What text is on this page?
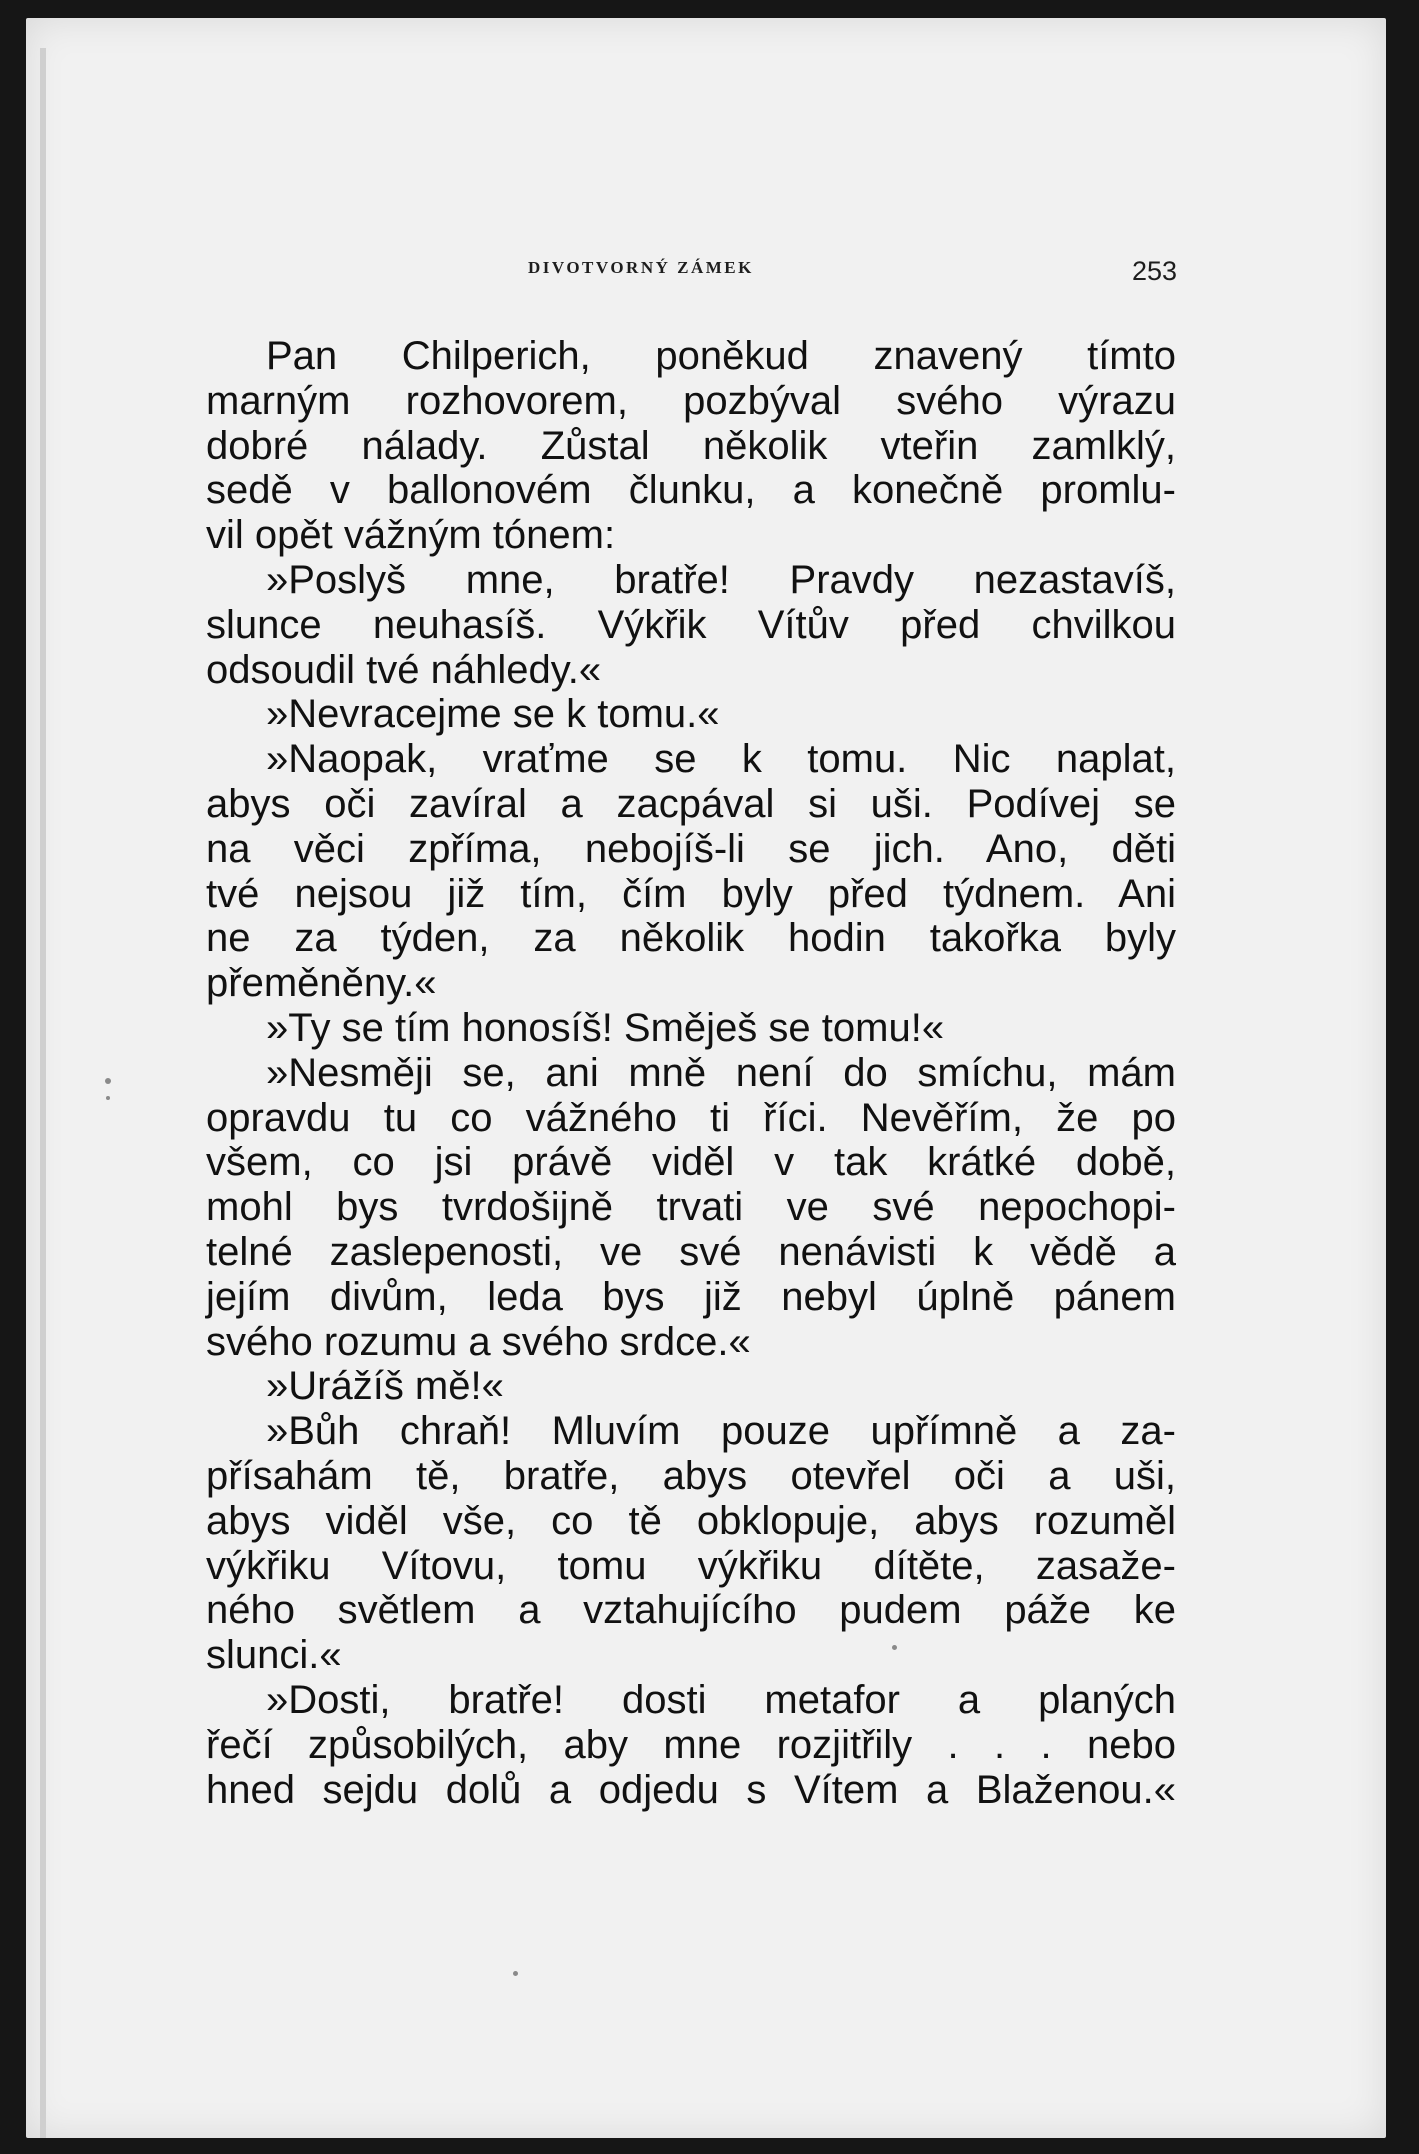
DIVOTVORNÝ ZÁMEK	253
Pan Chilperich, poněkud znavený tímto
marným rozhovorem, pozbýval svého výrazu
dobré nálady. Zůstal několik vteřin zamlklý,
sedě v ballonovém člunku, a konečně promlu-
vil opět vážným tónem:
»Poslyš mne, bratře! Pravdy nezastavíš,
slunce neuhasíš. Výkřik Vítův před chvilkou
odsoudil tvé náhledy.«
»Nevracejme se k tomu.«
»Naopak, vraťme se k tomu. Nic naplat,
abys oči zavíral a zacpával si uši. Podívej se
na věci zpříma, nebojíš-li se jich. Ano, děti
tvé nejsou již tím, čím byly před týdnem. Ani
ne za týden, za několik hodin takořka byly
přeměněny.«
»Ty se tím honosíš! Směješ se tomu!«
»Nesměji se, ani mně není do smíchu, mám
opravdu tu co vážného ti říci. Nevěřím, že po
všem, co jsi právě viděl v tak krátké době,
mohl bys tvrdošijně trvati ve své nepochopi-
telné zaslepenosti, ve své nenávisti k vědě a
jejím divům, leda bys již nebyl úplně pánem
svého rozumu a svého srdce.«
»Urážíš mě!«
»Bůh chraň! Mluvím pouze upřímně a za-
přísahám tě, bratře, abys otevřel oči a uši,
abys viděl vše, co tě obklopuje, abys rozuměl
výkřiku Vítovu, tomu výkřiku dítěte, zasaže-
ného světlem a vztahujícího pudem páže ke
slunci.«
»Dosti, bratře! dosti metafor a planých
řečí způsobilých, aby mne rozjitřily . . . nebo
hned sejdu dolů a odjedu s Vítem a Blaženou.«
